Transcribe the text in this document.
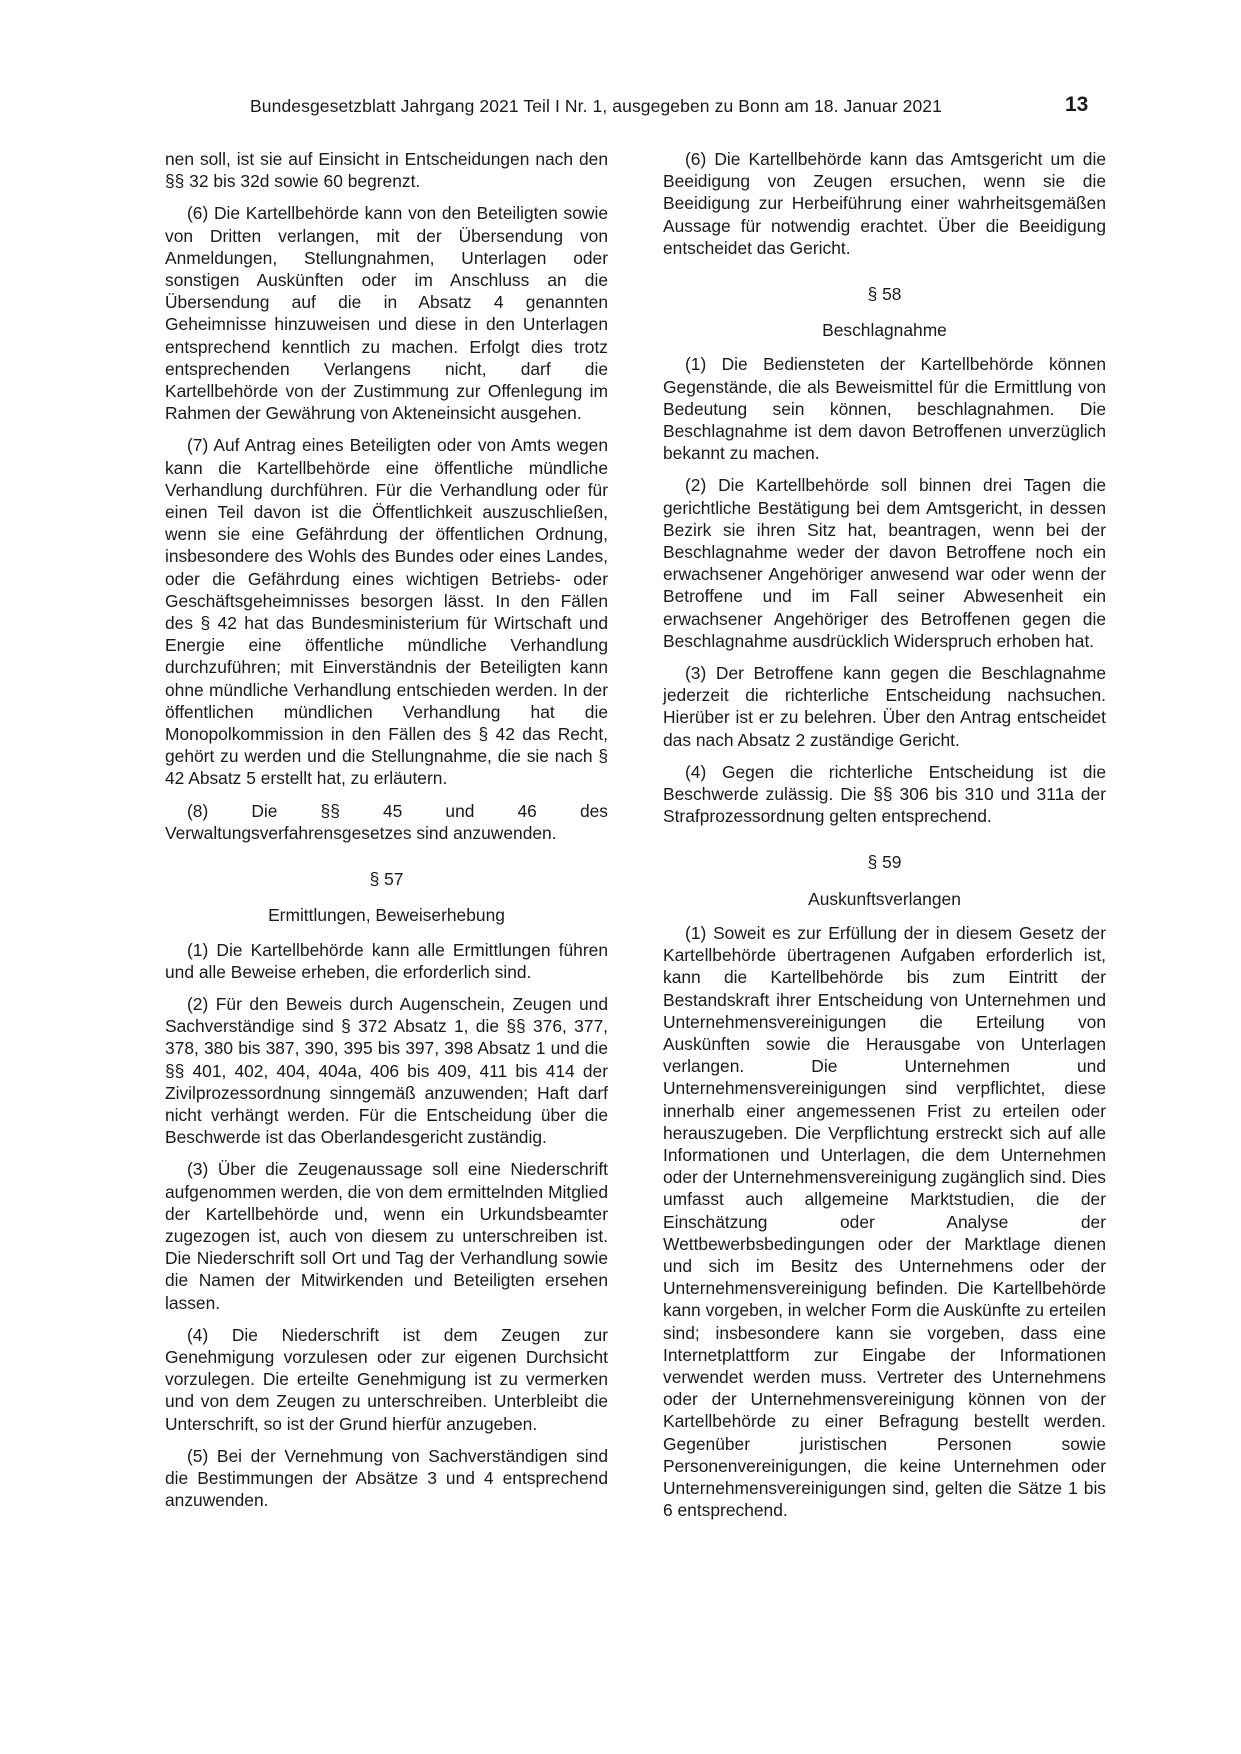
Bundesgesetzblatt Jahrgang 2021 Teil I Nr. 1, ausgegeben zu Bonn am 18. Januar 2021	13

nen soll, ist sie auf Einsicht in Entscheidungen nach den §§ 32 bis 32d sowie 60 begrenzt.

(6) Die Kartellbehörde kann von den Beteiligten sowie von Dritten verlangen, mit der Übersendung von Anmeldungen, Stellungnahmen, Unterlagen oder sonstigen Auskünften oder im Anschluss an die Übersendung auf die in Absatz 4 genannten Geheimnisse hinzuweisen und diese in den Unterlagen entsprechend kenntlich zu machen. Erfolgt dies trotz entsprechenden Verlangens nicht, darf die Kartellbehörde von der Zustimmung zur Offenlegung im Rahmen der Gewährung von Akteneinsicht ausgehen.

(7) Auf Antrag eines Beteiligten oder von Amts wegen kann die Kartellbehörde eine öffentliche mündliche Verhandlung durchführen. Für die Verhandlung oder für einen Teil davon ist die Öffentlichkeit auszuschließen, wenn sie eine Gefährdung der öffentlichen Ordnung, insbesondere des Wohls des Bundes oder eines Landes, oder die Gefährdung eines wichtigen Betriebs- oder Geschäftsgeheimnisses besorgen lässt. In den Fällen des § 42 hat das Bundesministerium für Wirtschaft und Energie eine öffentliche mündliche Verhandlung durchzuführen; mit Einverständnis der Beteiligten kann ohne mündliche Verhandlung entschieden werden. In der öffentlichen mündlichen Verhandlung hat die Monopolkommission in den Fällen des § 42 das Recht, gehört zu werden und die Stellungnahme, die sie nach § 42 Absatz 5 erstellt hat, zu erläutern.

(8) Die §§ 45 und 46 des Verwaltungsverfahrensgesetzes sind anzuwenden.

§ 57
Ermittlungen, Beweiserhebung

(1) Die Kartellbehörde kann alle Ermittlungen führen und alle Beweise erheben, die erforderlich sind.

(2) Für den Beweis durch Augenschein, Zeugen und Sachverständige sind § 372 Absatz 1, die §§ 376, 377, 378, 380 bis 387, 390, 395 bis 397, 398 Absatz 1 und die §§ 401, 402, 404, 404a, 406 bis 409, 411 bis 414 der Zivilprozessordnung sinngemäß anzuwenden; Haft darf nicht verhängt werden. Für die Entscheidung über die Beschwerde ist das Oberlandesgericht zuständig.

(3) Über die Zeugenaussage soll eine Niederschrift aufgenommen werden, die von dem ermittelnden Mitglied der Kartellbehörde und, wenn ein Urkundsbeamter zugezogen ist, auch von diesem zu unterschreiben ist. Die Niederschrift soll Ort und Tag der Verhandlung sowie die Namen der Mitwirkenden und Beteiligten ersehen lassen.

(4) Die Niederschrift ist dem Zeugen zur Genehmigung vorzulesen oder zur eigenen Durchsicht vorzulegen. Die erteilte Genehmigung ist zu vermerken und von dem Zeugen zu unterschreiben. Unterbleibt die Unterschrift, so ist der Grund hierfür anzugeben.

(5) Bei der Vernehmung von Sachverständigen sind die Bestimmungen der Absätze 3 und 4 entsprechend anzuwenden.

(6) Die Kartellbehörde kann das Amtsgericht um die Beeidigung von Zeugen ersuchen, wenn sie die Beeidigung zur Herbeiführung einer wahrheitsgemäßen Aussage für notwendig erachtet. Über die Beeidigung entscheidet das Gericht.

§ 58
Beschlagnahme

(1) Die Bediensteten der Kartellbehörde können Gegenstände, die als Beweismittel für die Ermittlung von Bedeutung sein können, beschlagnahmen. Die Beschlagnahme ist dem davon Betroffenen unverzüglich bekannt zu machen.

(2) Die Kartellbehörde soll binnen drei Tagen die gerichtliche Bestätigung bei dem Amtsgericht, in dessen Bezirk sie ihren Sitz hat, beantragen, wenn bei der Beschlagnahme weder der davon Betroffene noch ein erwachsener Angehöriger anwesend war oder wenn der Betroffene und im Fall seiner Abwesenheit ein erwachsener Angehöriger des Betroffenen gegen die Beschlagnahme ausdrücklich Widerspruch erhoben hat.

(3) Der Betroffene kann gegen die Beschlagnahme jederzeit die richterliche Entscheidung nachsuchen. Hierüber ist er zu belehren. Über den Antrag entscheidet das nach Absatz 2 zuständige Gericht.

(4) Gegen die richterliche Entscheidung ist die Beschwerde zulässig. Die §§ 306 bis 310 und 311a der Strafprozessordnung gelten entsprechend.

§ 59
Auskunftsverlangen

(1) Soweit es zur Erfüllung der in diesem Gesetz der Kartellbehörde übertragenen Aufgaben erforderlich ist, kann die Kartellbehörde bis zum Eintritt der Bestandskraft ihrer Entscheidung von Unternehmen und Unternehmensvereinigungen die Erteilung von Auskünften sowie die Herausgabe von Unterlagen verlangen. Die Unternehmen und Unternehmensvereinigungen sind verpflichtet, diese innerhalb einer angemessenen Frist zu erteilen oder herauszugeben. Die Verpflichtung erstreckt sich auf alle Informationen und Unterlagen, die dem Unternehmen oder der Unternehmensvereinigung zugänglich sind. Dies umfasst auch allgemeine Marktstudien, die der Einschätzung oder Analyse der Wettbewerbsbedingungen oder der Marktlage dienen und sich im Besitz des Unternehmens oder der Unternehmensvereinigung befinden. Die Kartellbehörde kann vorgeben, in welcher Form die Auskünfte zu erteilen sind; insbesondere kann sie vorgeben, dass eine Internetplattform zur Eingabe der Informationen verwendet werden muss. Vertreter des Unternehmens oder der Unternehmensvereinigung können von der Kartellbehörde zu einer Befragung bestellt werden. Gegenüber juristischen Personen sowie Personenvereinigungen, die keine Unternehmen oder Unternehmensvereinigungen sind, gelten die Sätze 1 bis 6 entsprechend.
